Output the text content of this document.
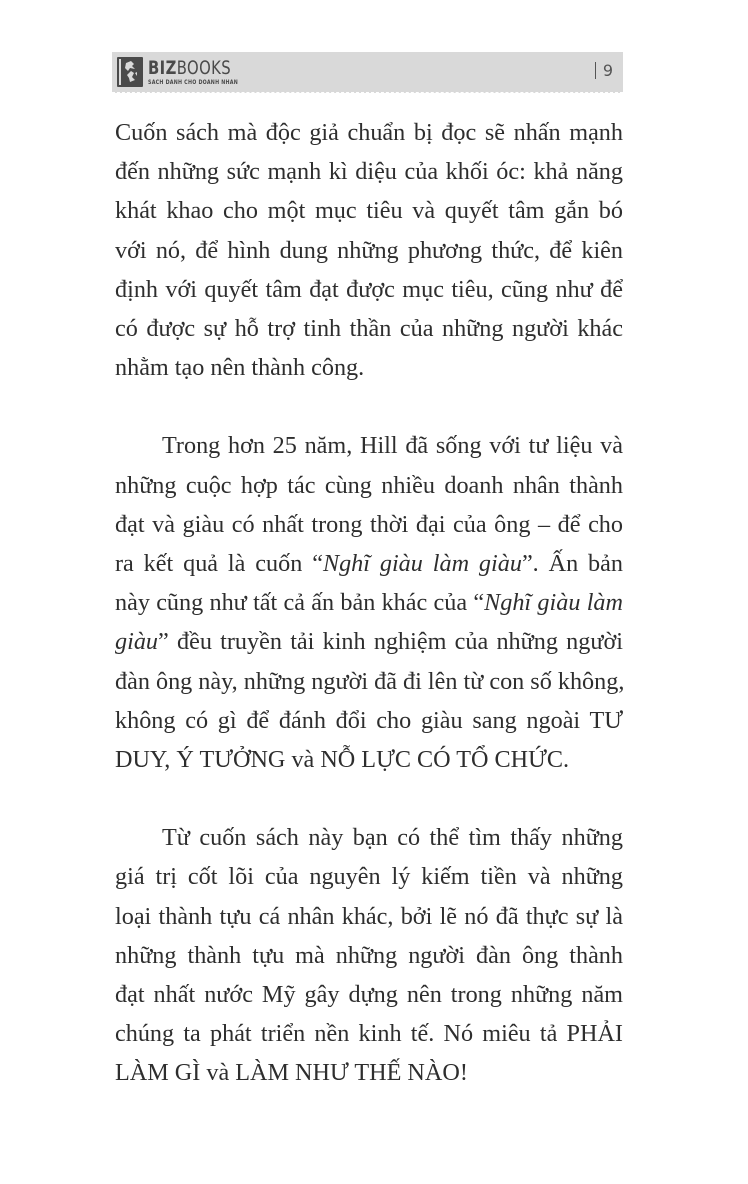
BIZBOOKS
SÁCH DÀNH CHO DOANH NHÂN
9

Cuốn sách mà độc giả chuẩn bị đọc sẽ nhấn mạnh
đến những sức mạnh kì diệu của khối óc: khả năng
khát khao cho một mục tiêu và quyết tâm gắn bó
với nó, để hình dung những phương thức, để kiên
định với quyết tâm đạt được mục tiêu, cũng như để
có được sự hỗ trợ tinh thần của những người khác
nhằm tạo nên thành công.

Trong hơn 25 năm, Hill đã sống với tư liệu và
những cuộc hợp tác cùng nhiều doanh nhân thành
đạt và giàu có nhất trong thời đại của ông – để cho
ra kết quả là cuốn “Nghĩ giàu làm giàu”. Ấn bản
này cũng như tất cả ấn bản khác của “Nghĩ giàu làm
giàu” đều truyền tải kinh nghiệm của những người
đàn ông này, những người đã đi lên từ con số không,
không có gì để đánh đổi cho giàu sang ngoài TƯ
DUY, Ý TƯỞNG và NỖ LỰC CÓ TỔ CHỨC.

Từ cuốn sách này bạn có thể tìm thấy những
giá trị cốt lõi của nguyên lý kiếm tiền và những
loại thành tựu cá nhân khác, bởi lẽ nó đã thực sự là
những thành tựu mà những người đàn ông thành
đạt nhất nước Mỹ gây dựng nên trong những năm
chúng ta phát triển nền kinh tế. Nó miêu tả PHẢI
LÀM GÌ và LÀM NHƯ THẾ NÀO!
